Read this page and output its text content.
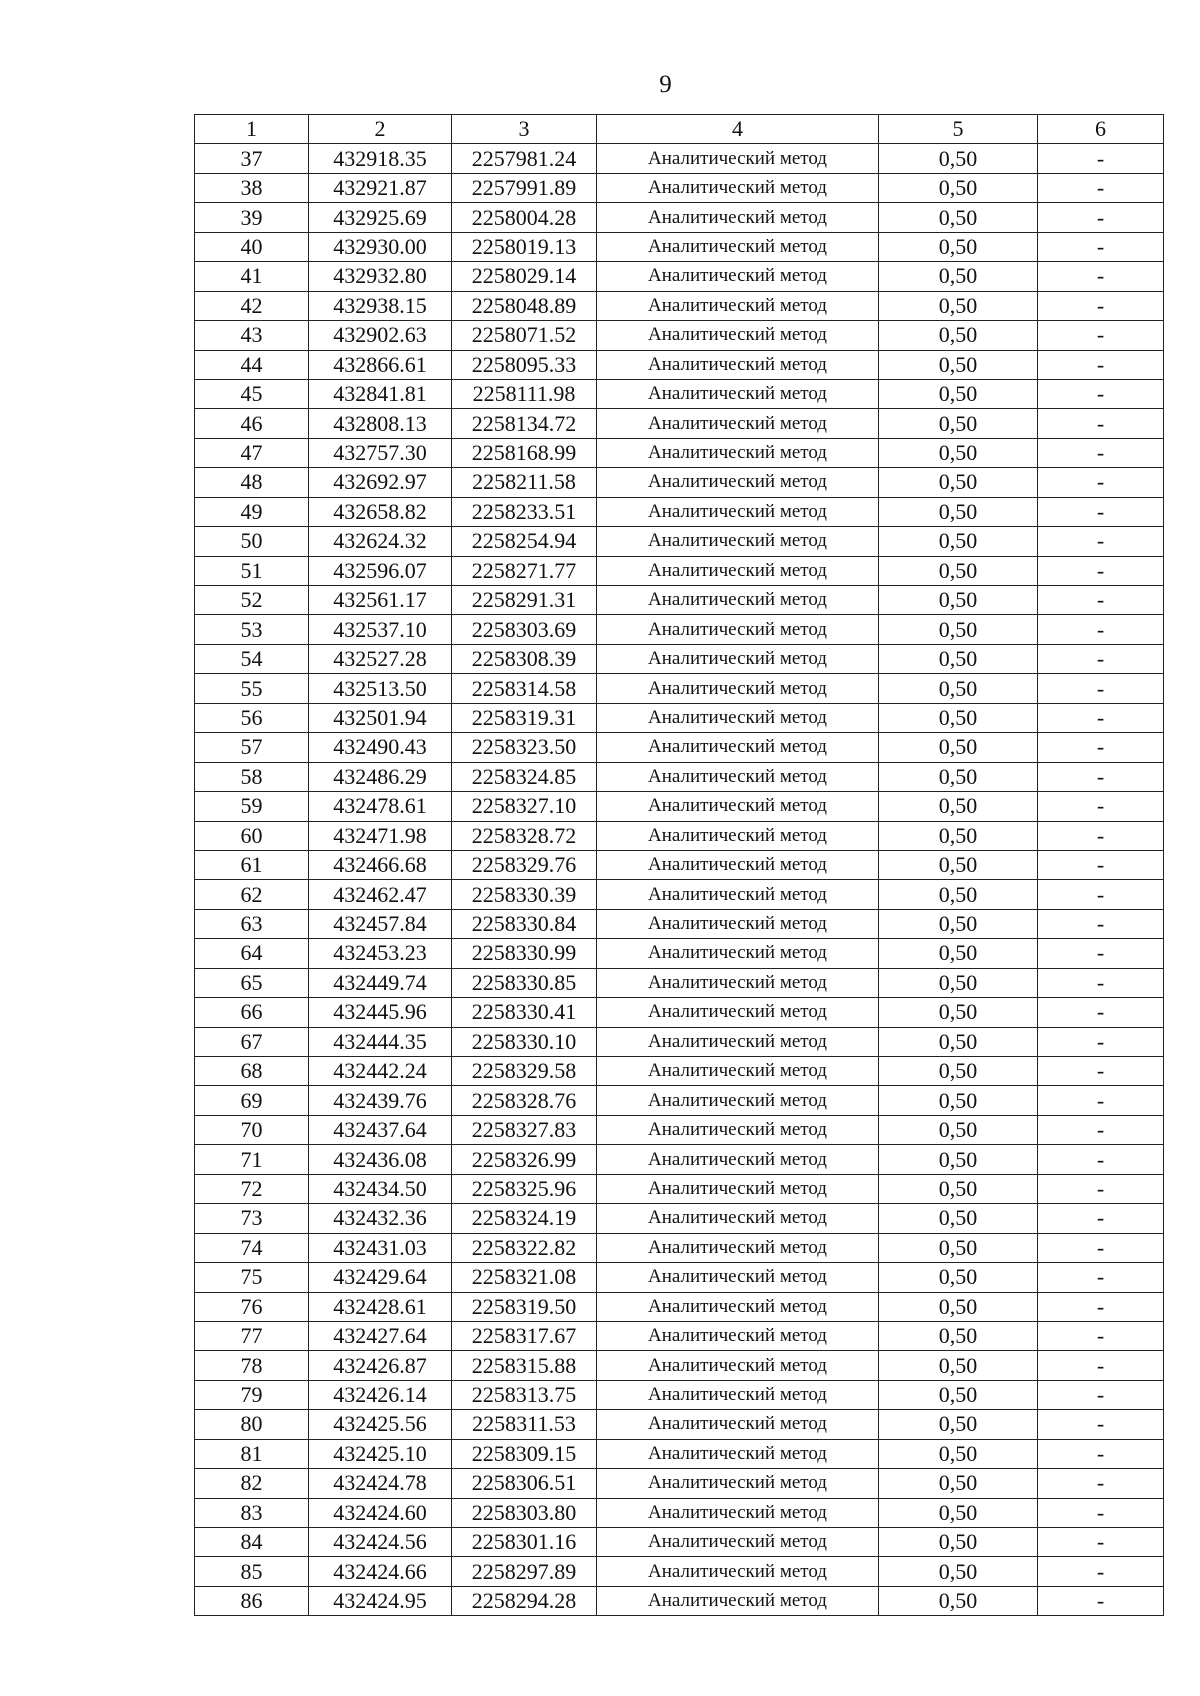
9
1	2	3	4	5	6
37	432918.35	2257981.24	Аналитический метод	0,50	-
38	432921.87	2257991.89	Аналитический метод	0,50	-
39	432925.69	2258004.28	Аналитический метод	0,50	-
40	432930.00	2258019.13	Аналитический метод	0,50	-
41	432932.80	2258029.14	Аналитический метод	0,50	-
42	432938.15	2258048.89	Аналитический метод	0,50	-
43	432902.63	2258071.52	Аналитический метод	0,50	-
44	432866.61	2258095.33	Аналитический метод	0,50	-
45	432841.81	2258111.98	Аналитический метод	0,50	-
46	432808.13	2258134.72	Аналитический метод	0,50	-
47	432757.30	2258168.99	Аналитический метод	0,50	-
48	432692.97	2258211.58	Аналитический метод	0,50	-
49	432658.82	2258233.51	Аналитический метод	0,50	-
50	432624.32	2258254.94	Аналитический метод	0,50	-
51	432596.07	2258271.77	Аналитический метод	0,50	-
52	432561.17	2258291.31	Аналитический метод	0,50	-
53	432537.10	2258303.69	Аналитический метод	0,50	-
54	432527.28	2258308.39	Аналитический метод	0,50	-
55	432513.50	2258314.58	Аналитический метод	0,50	-
56	432501.94	2258319.31	Аналитический метод	0,50	-
57	432490.43	2258323.50	Аналитический метод	0,50	-
58	432486.29	2258324.85	Аналитический метод	0,50	-
59	432478.61	2258327.10	Аналитический метод	0,50	-
60	432471.98	2258328.72	Аналитический метод	0,50	-
61	432466.68	2258329.76	Аналитический метод	0,50	-
62	432462.47	2258330.39	Аналитический метод	0,50	-
63	432457.84	2258330.84	Аналитический метод	0,50	-
64	432453.23	2258330.99	Аналитический метод	0,50	-
65	432449.74	2258330.85	Аналитический метод	0,50	-
66	432445.96	2258330.41	Аналитический метод	0,50	-
67	432444.35	2258330.10	Аналитический метод	0,50	-
68	432442.24	2258329.58	Аналитический метод	0,50	-
69	432439.76	2258328.76	Аналитический метод	0,50	-
70	432437.64	2258327.83	Аналитический метод	0,50	-
71	432436.08	2258326.99	Аналитический метод	0,50	-
72	432434.50	2258325.96	Аналитический метод	0,50	-
73	432432.36	2258324.19	Аналитический метод	0,50	-
74	432431.03	2258322.82	Аналитический метод	0,50	-
75	432429.64	2258321.08	Аналитический метод	0,50	-
76	432428.61	2258319.50	Аналитический метод	0,50	-
77	432427.64	2258317.67	Аналитический метод	0,50	-
78	432426.87	2258315.88	Аналитический метод	0,50	-
79	432426.14	2258313.75	Аналитический метод	0,50	-
80	432425.56	2258311.53	Аналитический метод	0,50	-
81	432425.10	2258309.15	Аналитический метод	0,50	-
82	432424.78	2258306.51	Аналитический метод	0,50	-
83	432424.60	2258303.80	Аналитический метод	0,50	-
84	432424.56	2258301.16	Аналитический метод	0,50	-
85	432424.66	2258297.89	Аналитический метод	0,50	-
86	432424.95	2258294.28	Аналитический метод	0,50	-
